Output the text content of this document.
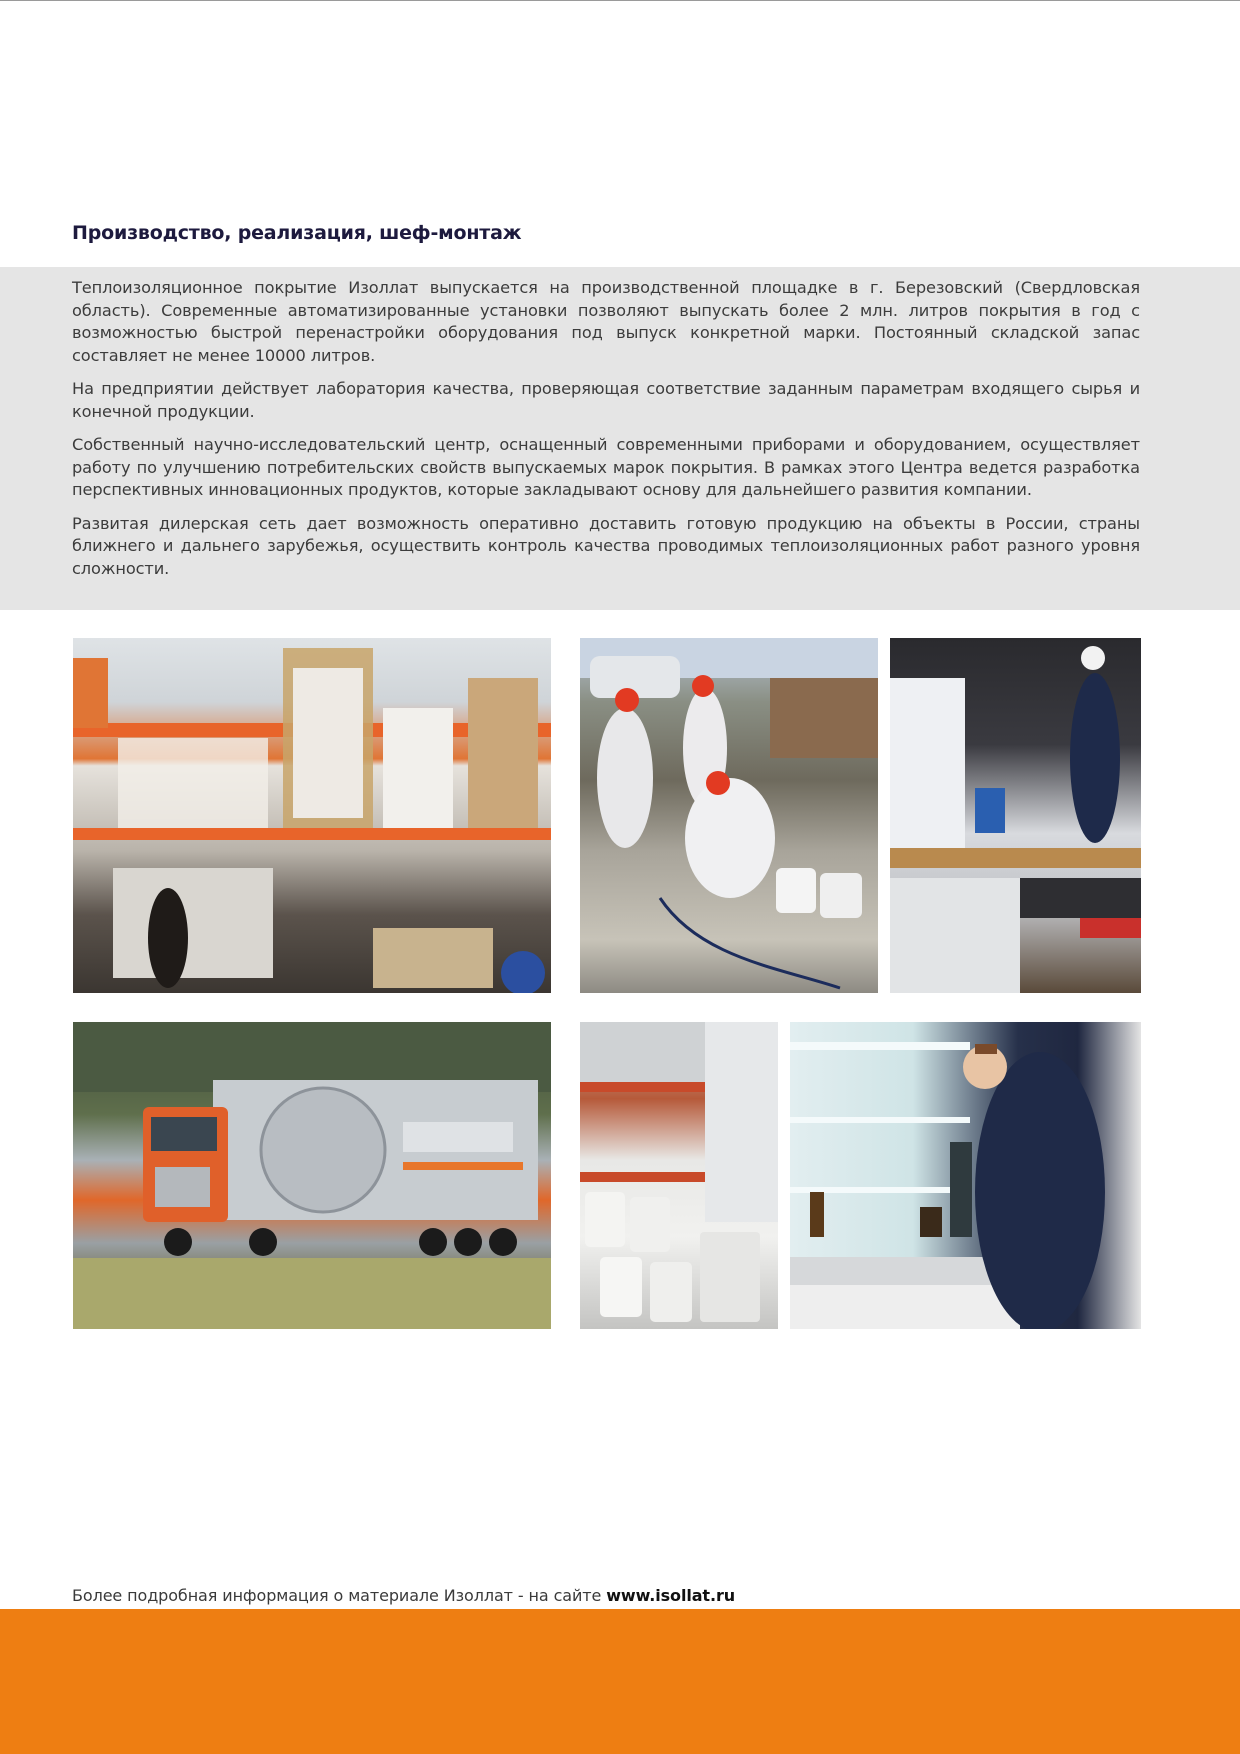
Производство, реализация, шеф-монтаж

Теплоизоляционное покрытие Изоллат выпускается на производственной площадке в г. Березовский (Свердловская область). Современные автоматизированные установки позволяют выпускать более 2 млн. литров покрытия в год с возможностью быстрой перенастройки оборудования под выпуск конкретной марки. Постоянный складской запас составляет не менее 10000 литров.

На предприятии действует лаборатория качества, проверяющая соответствие заданным параметрам входящего сырья и конечной продукции.

Собственный научно-исследовательский центр, оснащенный современными приборами и оборудованием, осуществляет работу по улучшению потребительских свойств выпускаемых марок покрытия. В рамках этого Центра ведется разработка перспективных инновационных продуктов, которые закладывают основу для дальнейшего развития компании.

Развитая дилерская сеть дает возможность оперативно доставить готовую продукцию на объекты в России, страны ближнего и дальнего зарубежья, осуществить контроль качества проводимых теплоизоляционных работ разного уровня сложности.

Более подробная информация о материале Изоллат - на сайте www.isollat.ru
